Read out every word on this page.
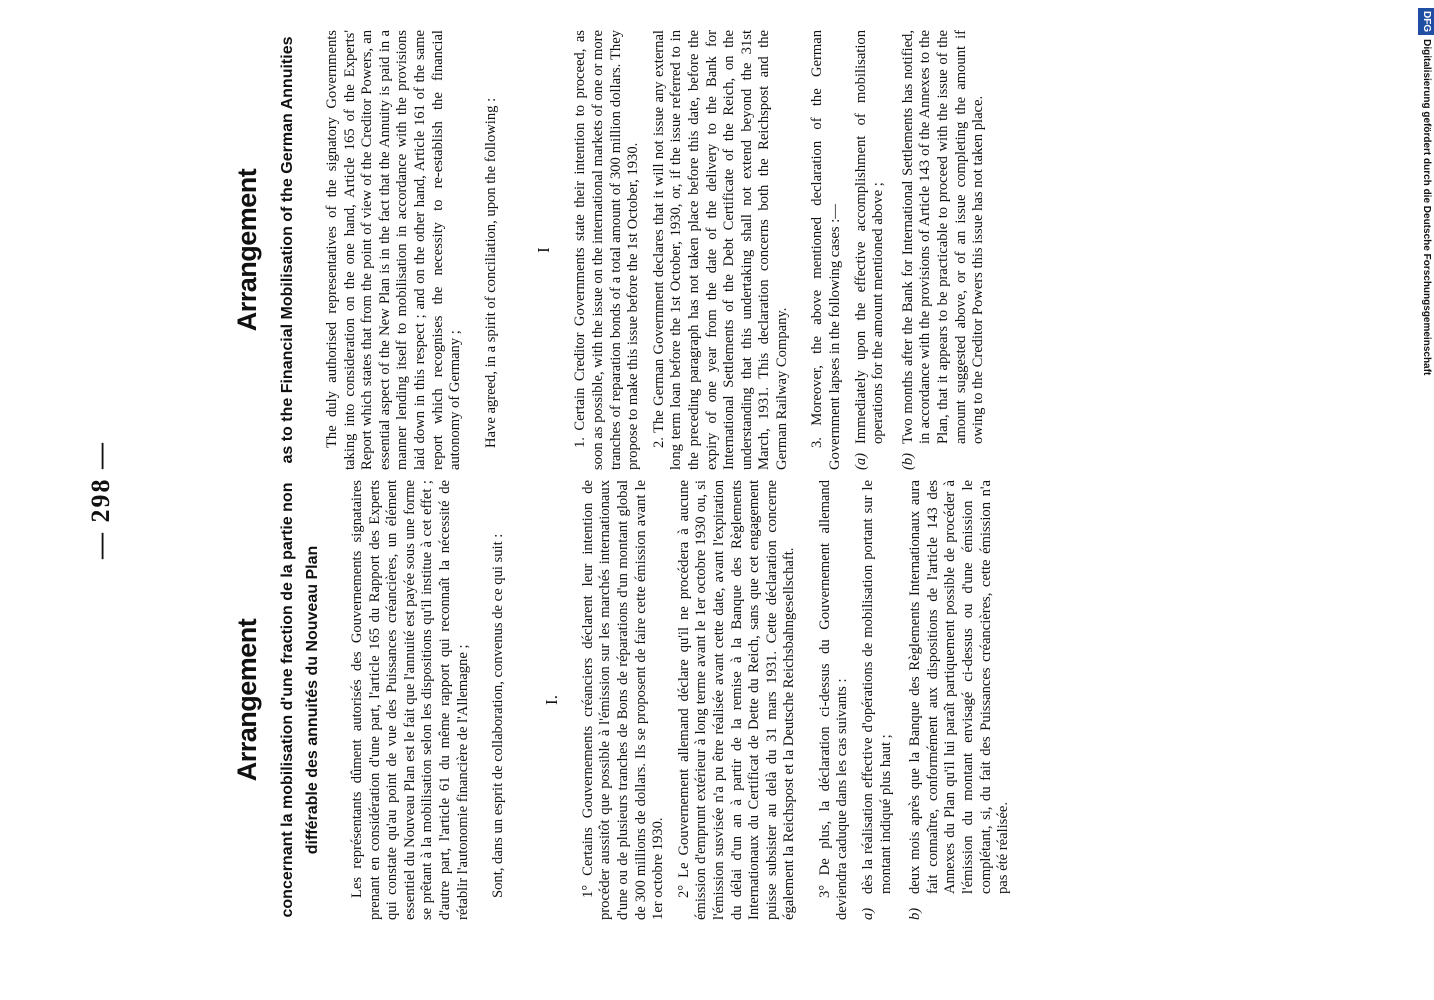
— 298 —
Arrangement concernant la mobilisation d'une fraction de la partie non différable des annuités du Nouveau Plan Les représentants dûment autorisés des Gouvernements signataires prenant en considération d'une part, l'article 165 du Rapport des Experts qui constate qu'au point de vue des Puissances créancières, un élément essentiel du Nouveau Plan est le fait que l'annuité est payée sous une forme se prêtant à la mobilisation selon les dispositions qu'il institue à cet effet ; d'autre part, l'article 61 du même rapport qui reconnaît la nécessité de rétablir l'autonomie financière de l'Allemagne ; Sont, dans un esprit de collaboration, convenus de ce qui suit : I. 1° Certains Gouvernements créanciers déclarent leur intention de procéder aussitôt que possible à l'émission sur les marchés internationaux d'une ou de plusieurs tranches de Bons de réparations d'un montant global de 300 millions de dollars. Ils se proposent de faire cette émission avant le 1er octobre 1930. 2° Le Gouvernement allemand déclare qu'il ne procédera à aucune émission d'emprunt extérieur à long terme avant le 1er octobre 1930 ou, si l'émission susvisée n'a pu être réalisée avant cette date, avant l'expiration du délai d'un an à partir de la remise à la Banque des Règlements Internationaux du Certificat de Dette du Reich, sans que cet engagement puisse subsister au delà du 31 mars 1931. Cette déclaration concerne également la Reichspost et la Deutsche Reichsbahngesellschaft. 3° De plus, la déclaration ci-dessus du Gouvernement allemand deviendra caduque dans les cas suivants : a)
dès la réalisation effective d'opérations de mobilisation portant sur le montant indiqué plus haut ;
b)
deux mois après que la Banque des Règlements Internationaux aura fait connaître, conformément aux dispositions de l'article 143 des Annexes du Plan qu'il lui paraît partiquement possible de procéder à l'émission du montant envisagé ci-dessus ou d'une émission le complétant, si, du fait des Puissances créancières, cette émission n'a pas été réalisée.
Arrangement as to the Financial Mobilisation of the German Annuities The duly authorised representatives of the signatory Governments taking into consideration on the one hand, Article 165 of the Experts' Report which states that from the point of view of the Creditor Powers, an essential aspect of the New Plan is in the fact that the Annuity is paid in a manner lending itself to mobilisation in accordance with the provisions laid down in this respect ; and on the other hand, Article 161 of the same report which recognises the necessity to re-establish the financial autonomy of Germany ; Have agreed, in a spirit of conciliation, upon the following : I 1. Certain Creditor Governments state their intention to proceed, as soon as possible, with the issue on the international markets of one or more tranches of reparation bonds of a total amount of 300 million dollars. They propose to make this issue before the 1st October, 1930. 2. The German Government declares that it will not issue any external long term loan before the 1st October, 1930, or, if the issue referred to in the preceding paragraph has not taken place before this date, before the expiry of one year from the date of the delivery to the Bank for International Settlements of the Debt Certificate of the Reich, on the understanding that this undertaking shall not extend beyond the 31st March, 1931. This declaration concerns both the Reichspost and the German Railway Company. 3. Moreover, the above mentioned declaration of the German Government lapses in the following cases :— (a)
Immediately upon the effective accomplishment of mobilisation operations for the amount mentioned above ;
(b)
Two months after the Bank for International Settlements has notified, in accordance with the provisions of Article 143 of the Annexes to the Plan, that it appears to be practicable to proceed with the issue of the amount suggested above, or of an issue completing the amount if owing to the Creditor Powers this issue has not taken place.
DFGDigitalisierung gefördert durch die Deutsche Forschungsgemeinschaft
